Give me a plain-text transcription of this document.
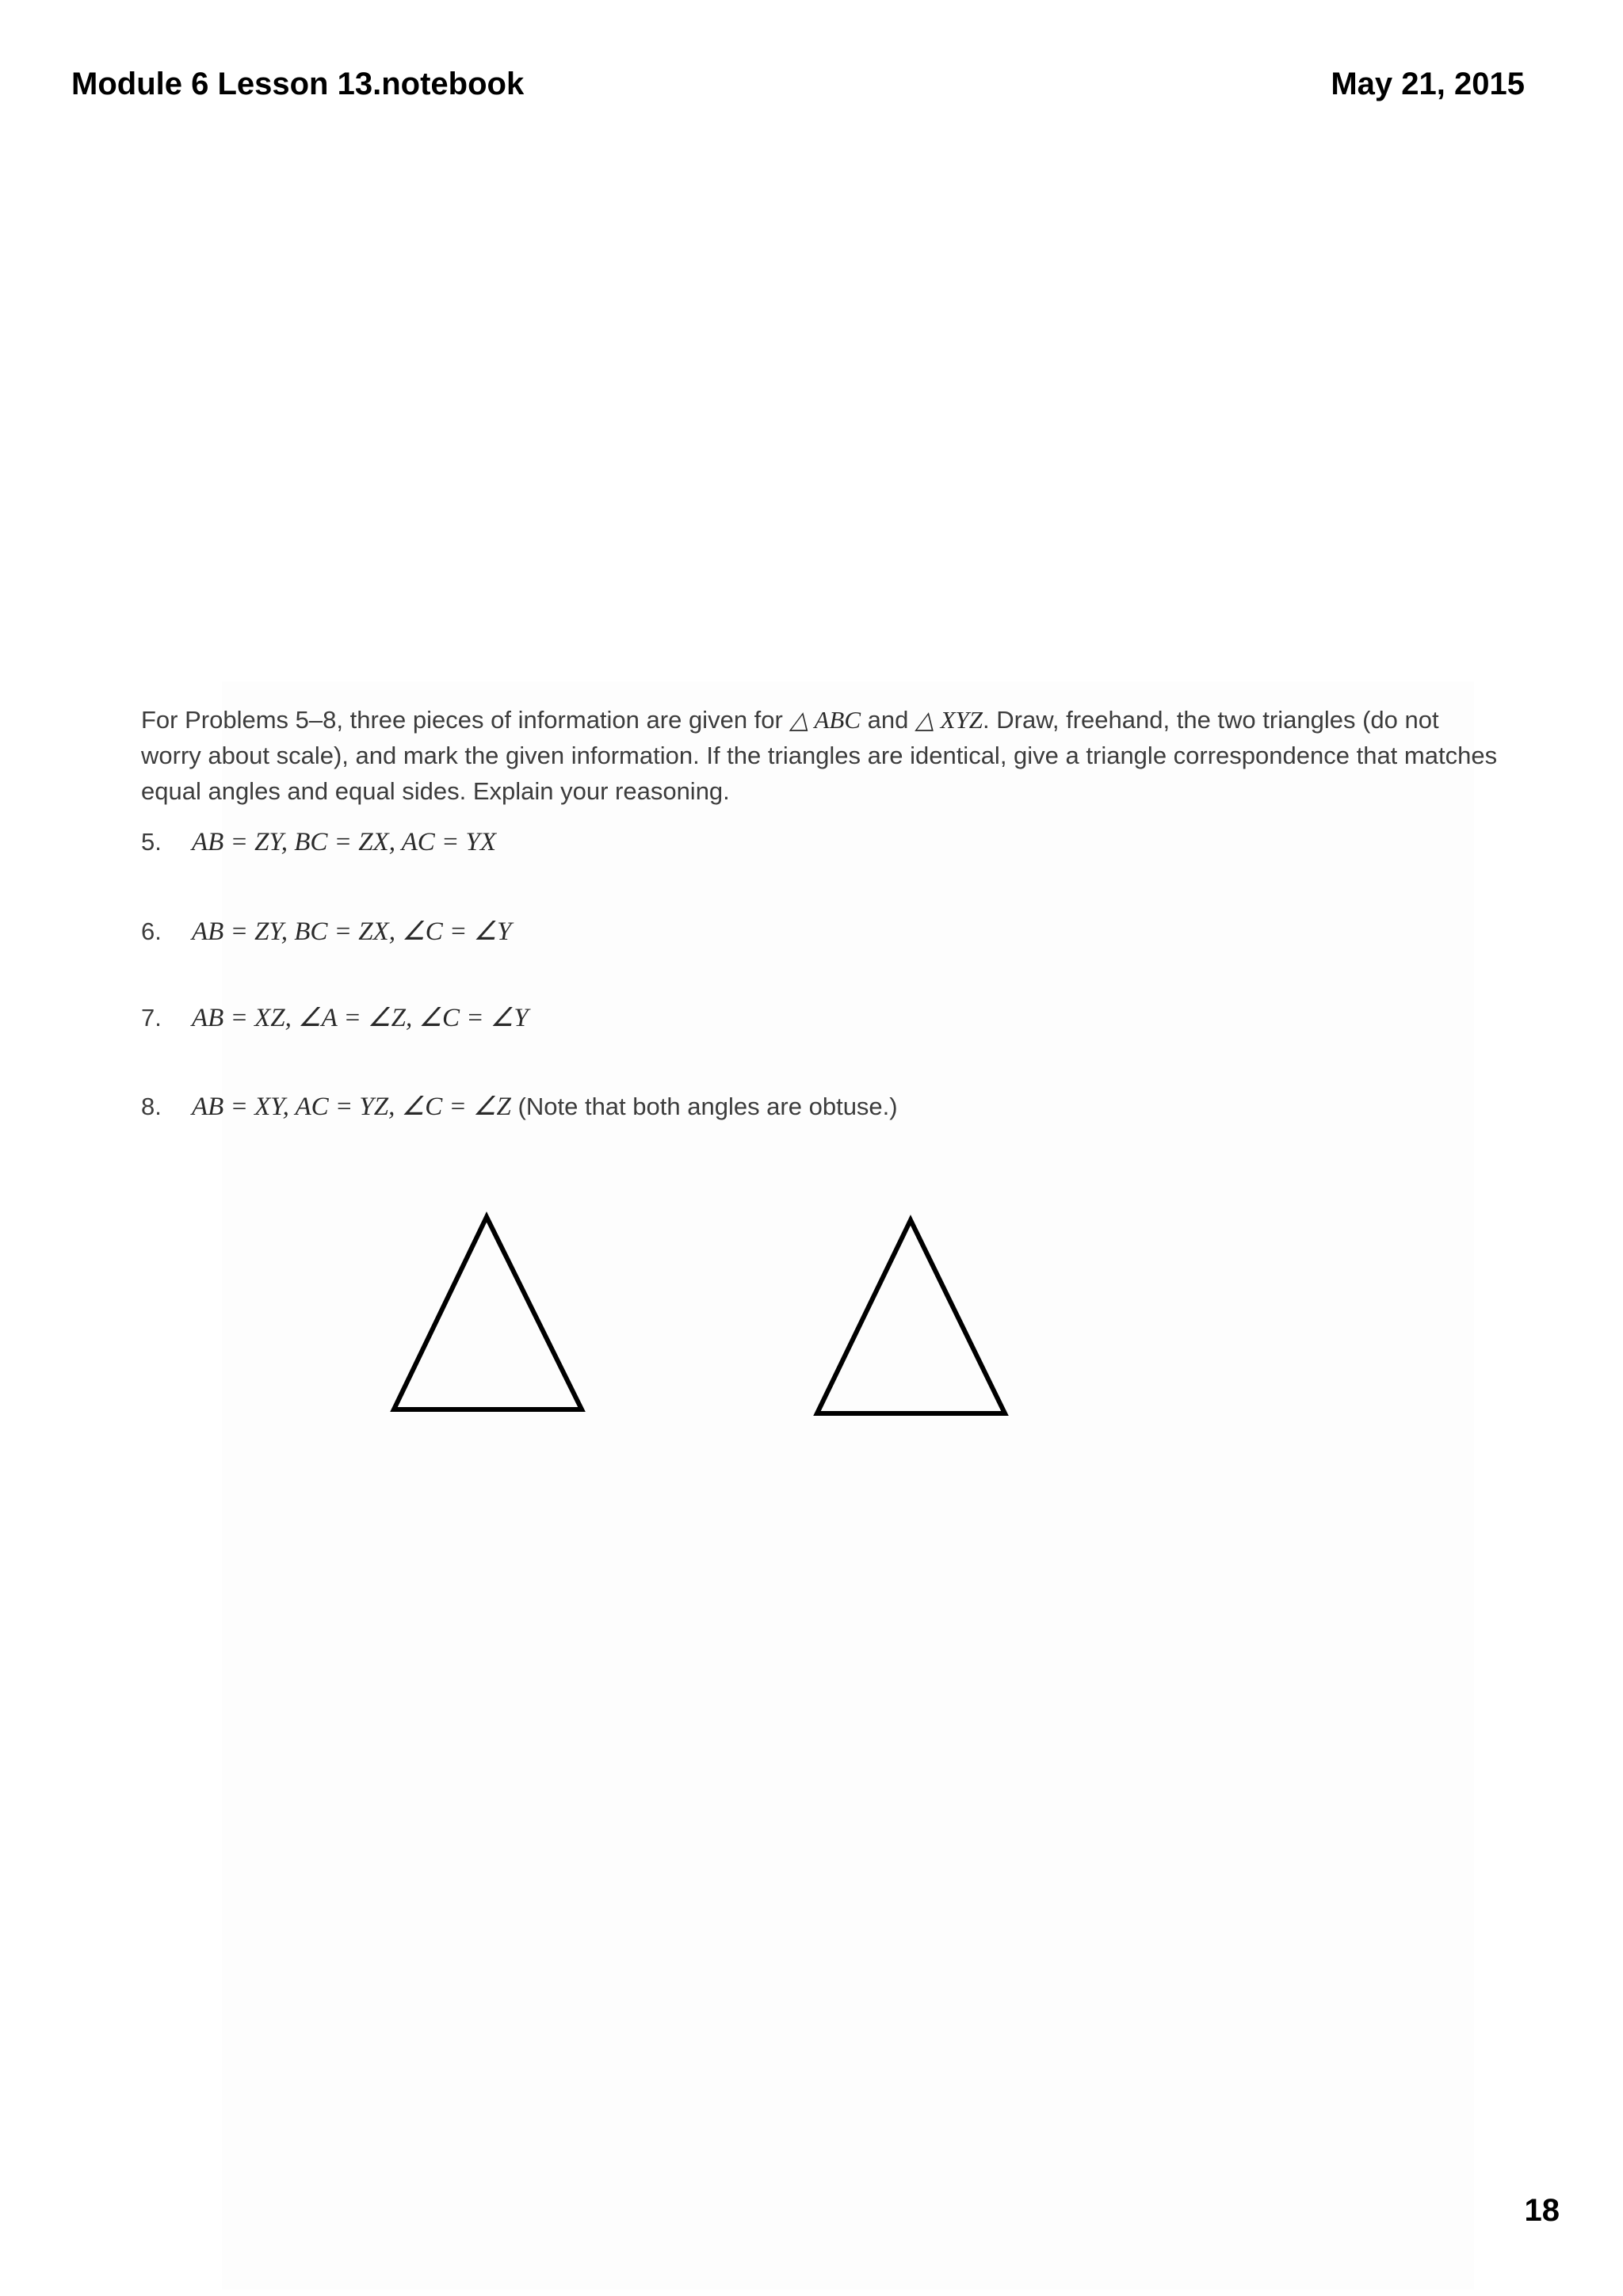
Module 6 Lesson 13.notebook	May 21, 2015
For Problems 5–8, three pieces of information are given for △ ABC and △ XYZ. Draw, freehand, the two triangles (do not worry about scale), and mark the given information. If the triangles are identical, give a triangle correspondence that matches equal angles and equal sides. Explain your reasoning.
5. AB = ZY, BC = ZX, AC = YX
6. AB = ZY, BC = ZX, ∠C = ∠Y
7. AB = XZ, ∠A = ∠Z, ∠C = ∠Y
8. AB = XY, AC = YZ, ∠C = ∠Z (Note that both angles are obtuse.)
18
